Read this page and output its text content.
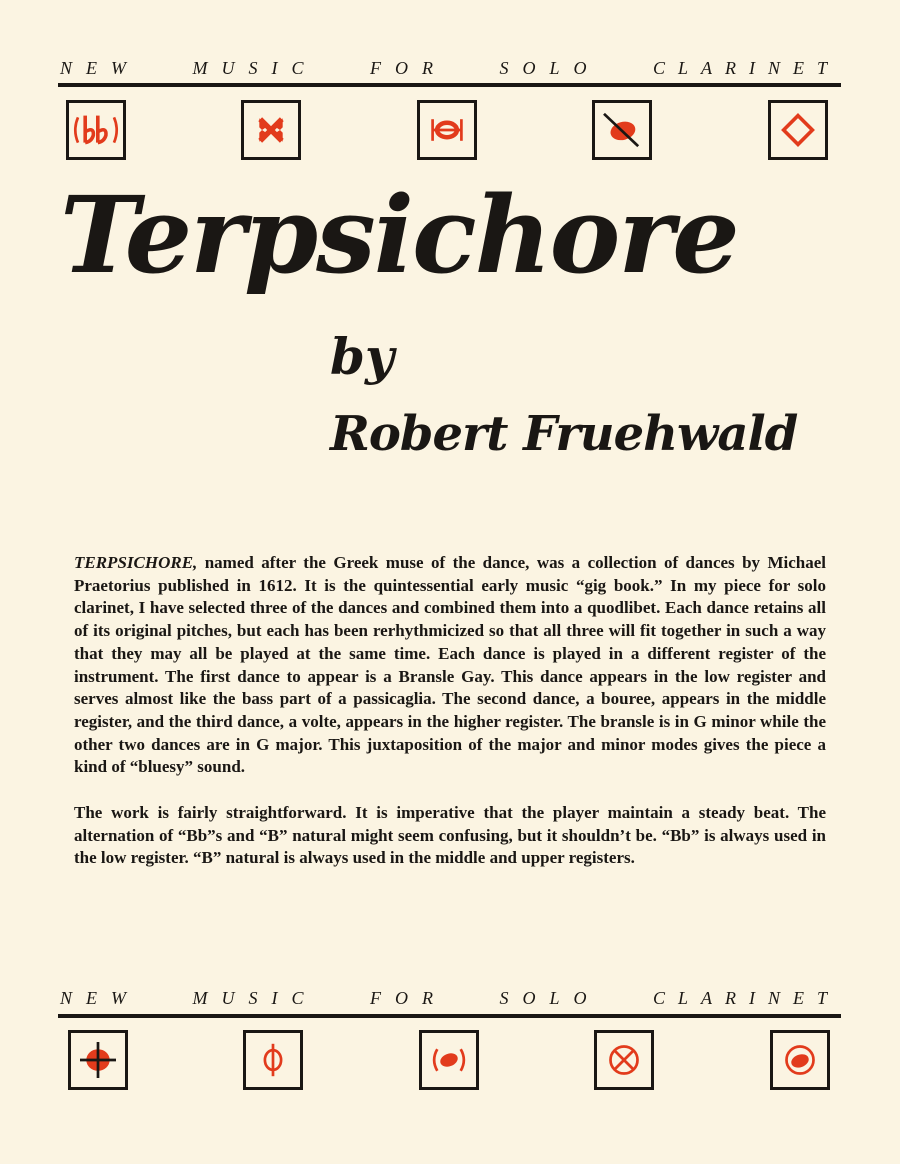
NEW	MUSIC	FOR	SOLO	CLARINET
Terpsichore
by
Robert Fruehwald

TERPSICHORE, named after the Greek muse of the dance, was a collection of dances by Michael Praetorius published in 1612. It is the quintessential early music “gig book.” In my piece for solo clarinet, I have selected three of the dances and combined them into a quodlibet. Each dance retains all of its original pitches, but each has been rerhythmicized so that all three will fit together in such a way that they may all be played at the same time. Each dance is played in a different register of the instrument. The first dance to appear is a Bransle Gay. This dance appears in the low register and serves almost like the bass part of a passicaglia. The second dance, a bouree, appears in the middle register, and the third dance, a volte, appears in the higher register. The bransle is in G minor while the other two dances are in G major. This juxtaposition of the major and minor modes gives the piece a kind of “bluesy” sound.

The work is fairly straightforward. It is imperative that the player maintain a steady beat. The alternation of “Bb”s and “B” natural might seem confusing, but it shouldn’t be. “Bb” is always used in the low register. “B” natural is always used in the middle and upper registers.

NEW	MUSIC	FOR	SOLO	CLARINET
